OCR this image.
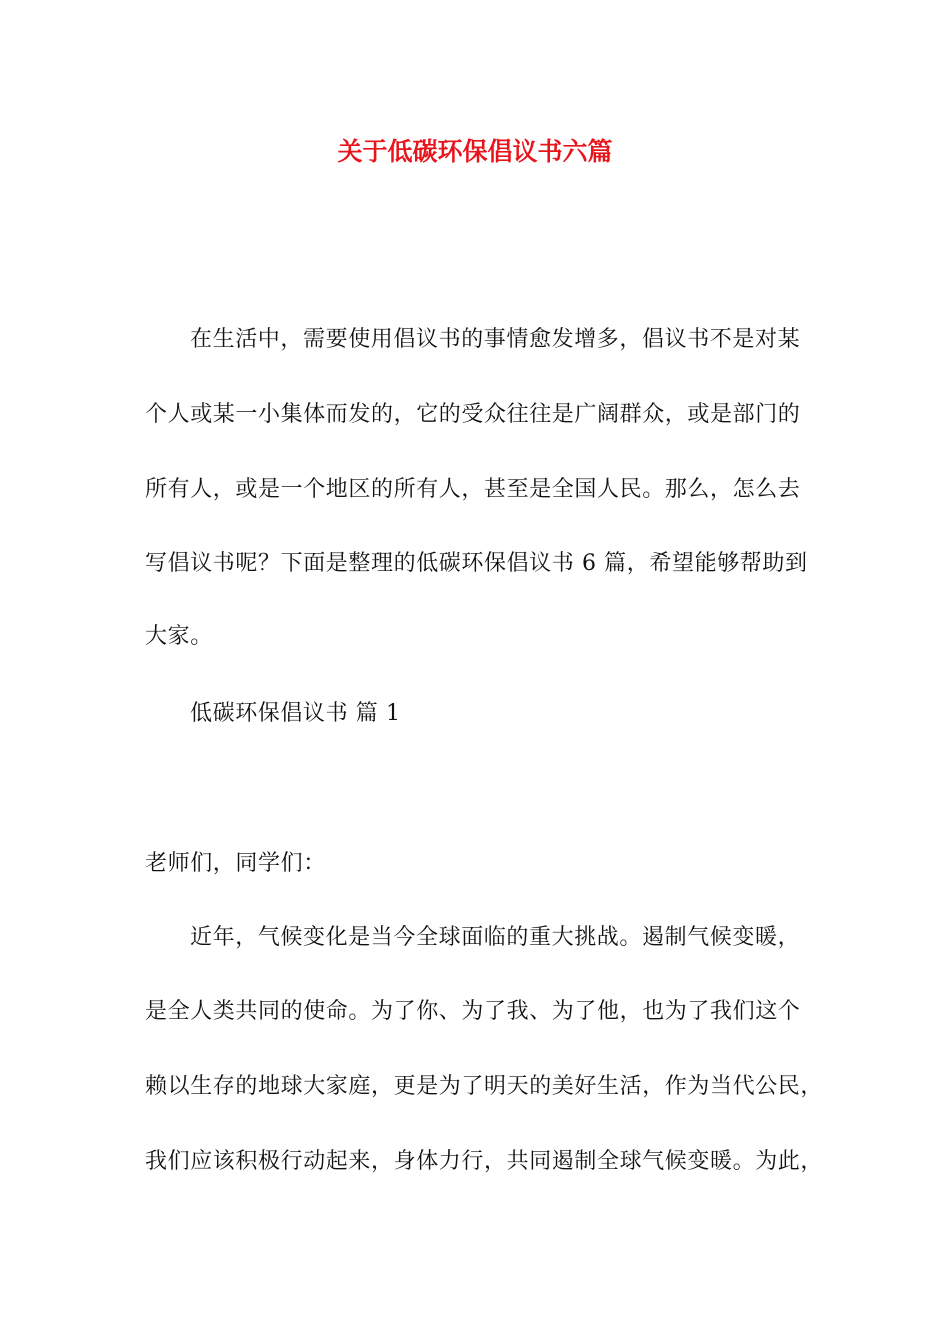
关于低碳环保倡议书六篇
在生活中，需要使用倡议书的事情愈发增多，倡议书不是对某
个人或某一小集体而发的，它的受众往往是广阔群众，或是部门的
所有人，或是一个地区的所有人，甚至是全国人民。那么，怎么去
写倡议书呢？下面是整理的低碳环保倡议书 6 篇，希望能够帮助到
大家。
低碳环保倡议书 篇 1
老师们，同学们：
近年，气候变化是当今全球面临的重大挑战。遏制气候变暖，
是全人类共同的使命。为了你、为了我、为了他，也为了我们这个
赖以生存的地球大家庭，更是为了明天的美好生活，作为当代公民，
我们应该积极行动起来，身体力行，共同遏制全球气候变暖。为此，
